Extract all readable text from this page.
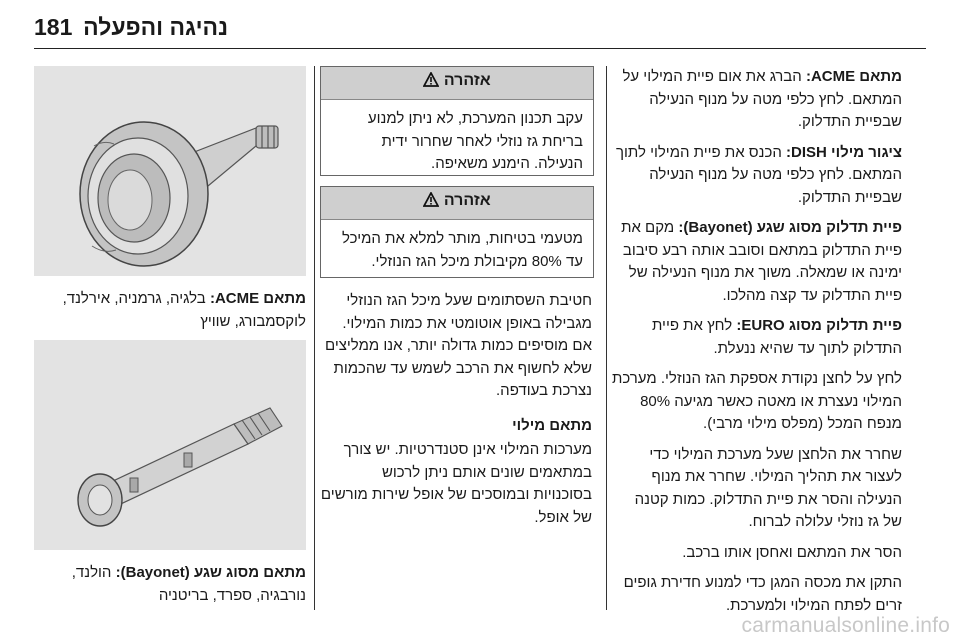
181 נהיגה והפעלה

מתאם ACME: הברג את אום פיית המילוי על המתאם. לחץ כלפי מטה על מנוף הנעילה שבפיית התדלוק.

ציגור מילוי DISH: הכנס את פיית המילוי לתוך המתאם. לחץ כלפי מטה על מנוף הנעילה שבפיית התדלוק.

פיית תדלוק מסוג שגע (Bayonet): מקם את פיית התדלוק במתאם וסובב אותה רבע סיבוב ימינה או שמאלה. משוך את מנוף הנעילה של פיית התדלוק עד קצה מהלכו.

פיית תדלוק מסוג EURO: לחץ את פיית התדלוק לתוך עד שהיא ננעלת.

לחץ על לחצן נקודת אספקת הגז הנוזלי. מערכת המילוי נעצרת או מאטה כאשר מגיעה 80% מנפח המכל (מפלס מילוי מרבי).

שחרר את הלחצן שעל מערכת המילוי כדי לעצור את תהליך המילוי. שחרר את מנוף הנעילה והסר את פיית התדלוק. כמות קטנה של גז נוזלי עלולה לברוח.

הסר את המתאם ואחסן אותו ברכב.

התקן את מכסה המגן כדי למנוע חדירת גופים זרים לפתח המילוי ולמערכת.

אזהרה
עקב תכנון המערכת, לא ניתן למנוע בריחת גז נוזלי לאחר שחרור ידית הנעילה. הימנע משאיפה.
אזהרה
מטעמי בטיחות, מותר למלא את המיכל עד 80% מקיבולת מיכל הגז הנוזלי.

חטיבת השסתומים שעל מיכל הגז הנוזלי מגבילה באופן אוטומטי את כמות המילוי. אם מוסיפים כמות גדולה יותר, אנו ממליצים שלא לחשוף את הרכב לשמש עד שהכמות נצרכת בעודפה.

מתאם מילוי

מערכות המילוי אינן סטנדרטיות. יש צורך במתאמים שונים אותם ניתן לרכוש בסוכנויות ובמוסכים של אופל שירות מורשים של אופל.

מתאם ACME: בלגיה, גרמניה, אירלנד, לוקסמבורג, שוויץ
מתאם מסוג שגע (Bayonet): הולנד, נורבגיה, ספרד, בריטניה
carmanualsonline.info
